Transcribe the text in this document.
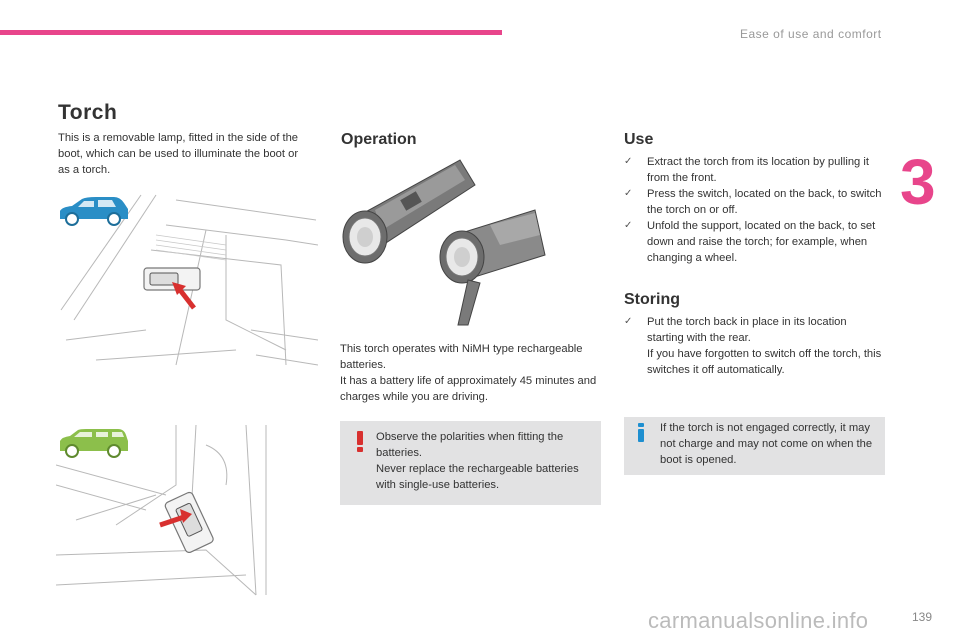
Ease of use and comfort
3
Torch
This is a removable lamp, fitted in the side of the boot, which can be used to illuminate the boot or as a torch.
Operation
This torch operates with NiMH type rechargeable batteries.
It has a battery life of approximately 45 minutes and charges while you are driving.
Observe the polarities when fitting the batteries.
Never replace the rechargeable batteries with single-use batteries.
Use
✓ Extract the torch from its location by pulling it from the front.
✓ Press the switch, located on the back, to switch the torch on or off.
✓ Unfold the support, located on the back, to set down and raise the torch; for example, when changing a wheel.
Storing
✓ Put the torch back in place in its location starting with the rear.
If you have forgotten to switch off the torch, this switches it off automatically.
If the torch is not engaged correctly, it may not charge and may not come on when the boot is opened.
139
carmanualsonline.info
